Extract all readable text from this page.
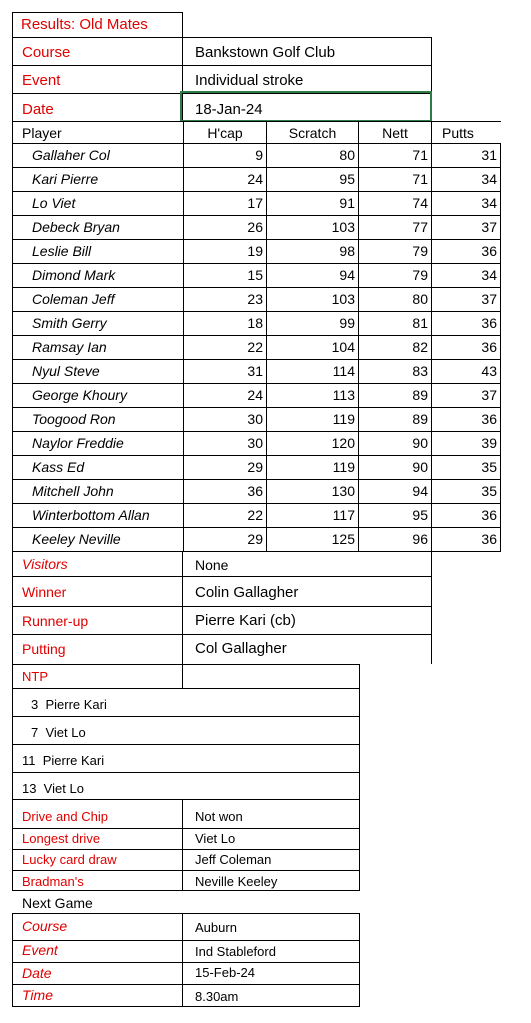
Results: Old Mates
Course	Bankstown Golf Club
Event	Individual stroke
Date	18-Jan-24
Player	H'cap	Scratch	Nett	Putts
Gallaher Col	9	80	71	31
Kari Pierre	24	95	71	34
Lo Viet	17	91	74	34
Debeck Bryan	26	103	77	37
Leslie Bill	19	98	79	36
Dimond Mark	15	94	79	34
Coleman Jeff	23	103	80	37
Smith Gerry	18	99	81	36
Ramsay Ian	22	104	82	36
Nyul Steve	31	114	83	43
George Khoury	24	113	89	37
Toogood Ron	30	119	89	36
Naylor Freddie	30	120	90	39
Kass Ed	29	119	90	35
Mitchell John	36	130	94	35
Winterbottom Allan	22	117	95	36
Keeley Neville	29	125	96	36
Visitors	None
Winner	Colin Gallagher
Runner-up	Pierre Kari (cb)
Putting	Col Gallagher
NTP
3  Pierre Kari
7  Viet Lo
11  Pierre Kari
13  Viet Lo
Drive and Chip	Not won
Longest drive	Viet Lo
Lucky card draw	Jeff Coleman
Bradman's	Neville Keeley
Next Game
Course	Auburn
Event	Ind Stableford
Date	15-Feb-24
Time	8.30am
